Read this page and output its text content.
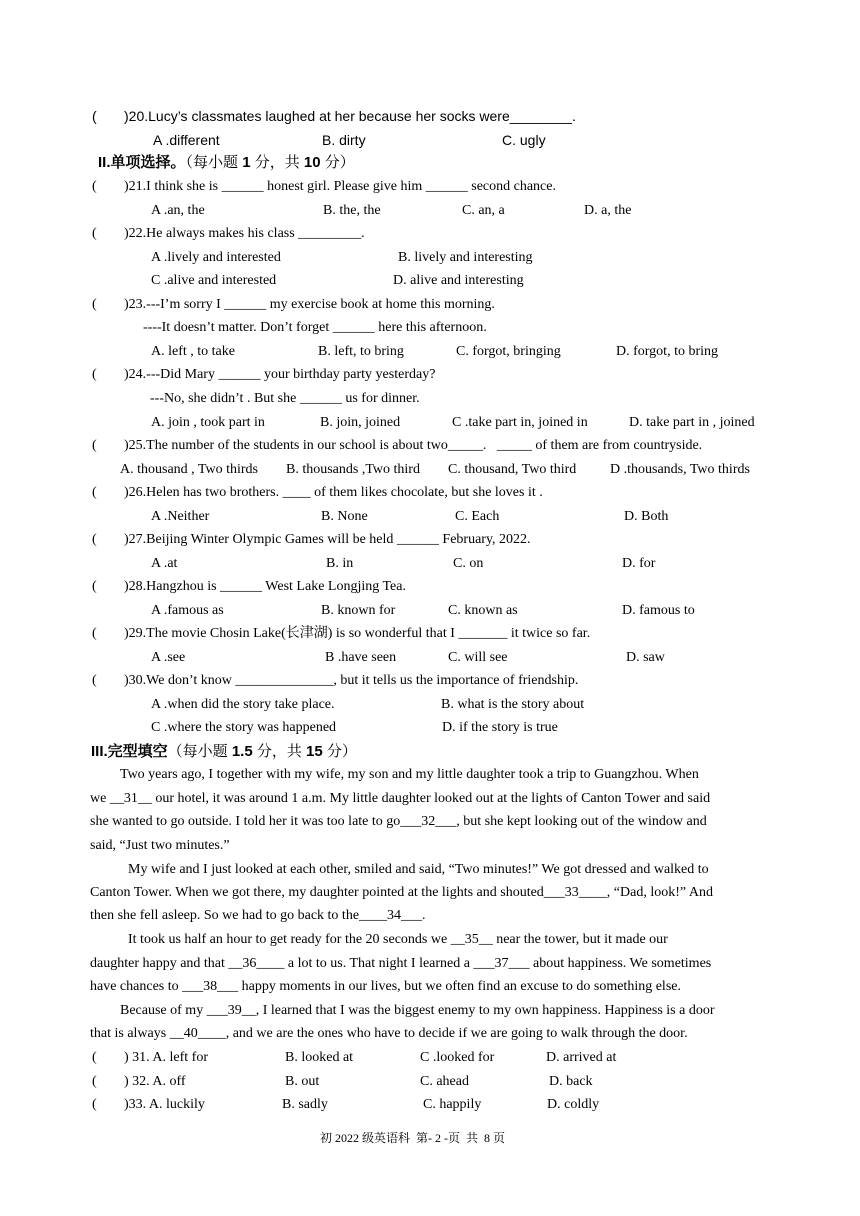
( )20.Lucy’s classmates laughed at her because her socks were________.
A .different	B. dirty	C. ugly
II.单项选择。（每小题 1 分，共 10 分）
( )21.I think she is ______ honest girl. Please give him ______ second chance.
A .an, the	B. the, the	C. an, a	D. a, the
( )22.He always makes his class _________.
A .lively and interested	B. lively and interesting
C .alive and interested	D. alive and interesting
( )23.---I’m sorry I ______ my exercise book at home this morning.
----It doesn’t matter. Don’t forget ______ here this afternoon.
A. left , to take	B. left, to bring	C. forgot, bringing	D. forgot, to bring
( )24.---Did Mary ______ your birthday party yesterday?
---No, she didn’t . But she ______ us for dinner.
A. join , took part in	B. join, joined	C .take part in, joined in	D. take part in , joined
( )25.The number of the students in our school is about two_____.   _____ of them are from countryside.
A. thousand , Two thirds B. thousands ,Two third C. thousand, Two third D .thousands, Two thirds
( )26.Helen has two brothers. ____ of them likes chocolate, but she loves it .
A .Neither	B. None	C. Each	D. Both
( )27.Beijing Winter Olympic Games will be held ______ February, 2022.
A .at	B. in	C. on	D. for
( )28.Hangzhou is ______ West Lake Longjing Tea.
A .famous as	B. known for	C. known as	D. famous to
( )29.The movie Chosin Lake(长津湖) is so wonderful that I _______ it twice so far.
A .see	B .have seen	C. will see	D. saw
( )30.We don’t know ______________, but it tells us the importance of friendship.
A .when did the story take place.	B. what is the story about
C .where the story was happened	D. if the story is true
III.完型填空（每小题 1.5 分，共 15 分）
Two years ago, I together with my wife, my son and my little daughter took a trip to Guangzhou. When
we __31__ our hotel, it was around 1 a.m. My little daughter looked out at the lights of Canton Tower and said
she wanted to go outside. I told her it was too late to go___32___, but she kept looking out of the window and
said, “Just two minutes.”
My wife and I just looked at each other, smiled and said, “Two minutes!” We got dressed and walked to
Canton Tower. When we got there, my daughter pointed at the lights and shouted___33____, “Dad, look!” And
then she fell asleep. So we had to go back to the____34___.
It took us half an hour to get ready for the 20 seconds we __35__ near the tower, but it made our
daughter happy and that __36____ a lot to us. That night I learned a ___37___ about happiness. We sometimes
have chances to ___38___ happy moments in our lives, but we often find an excuse to do something else.
Because of my ___39__, I learned that I was the biggest enemy to my own happiness. Happiness is a door
that is always __40____, and we are the ones who have to decide if we are going to walk through the door.
( ) 31. A. left for	B. looked at	C .looked for	D. arrived at
( ) 32. A. off	B. out	C. ahead	D. back
( )33. A. luckily	B. sadly	C. happily	D. coldly
初 2022 级英语科  第- 2 -页  共  8 页
